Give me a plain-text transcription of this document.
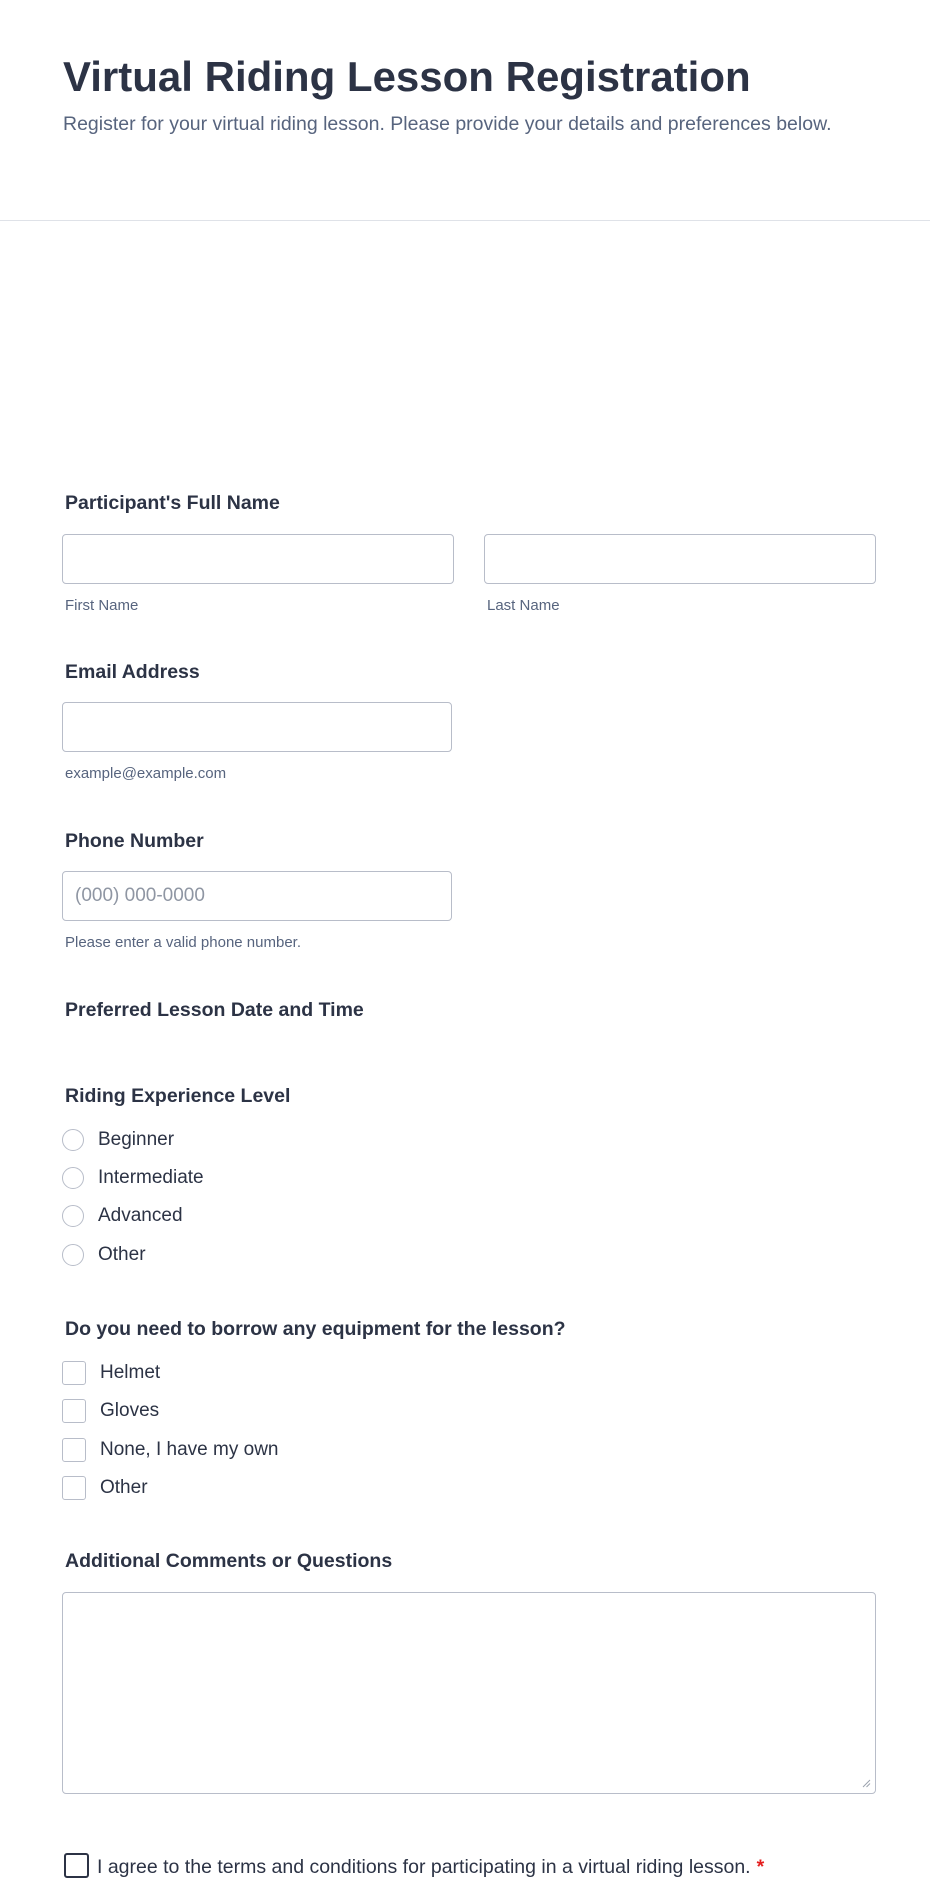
Virtual Riding Lesson Registration
Register for your virtual riding lesson. Please provide your details and preferences below.
Participant's Full Name
First Name	Last Name
Email Address
example@example.com
Phone Number
(000) 000-0000
Please enter a valid phone number.
Preferred Lesson Date and Time
Riding Experience Level
Beginner
Intermediate
Advanced
Other
Do you need to borrow any equipment for the lesson?
Helmet
Gloves
None, I have my own
Other
Additional Comments or Questions
I agree to the terms and conditions for participating in a virtual riding lesson. *
